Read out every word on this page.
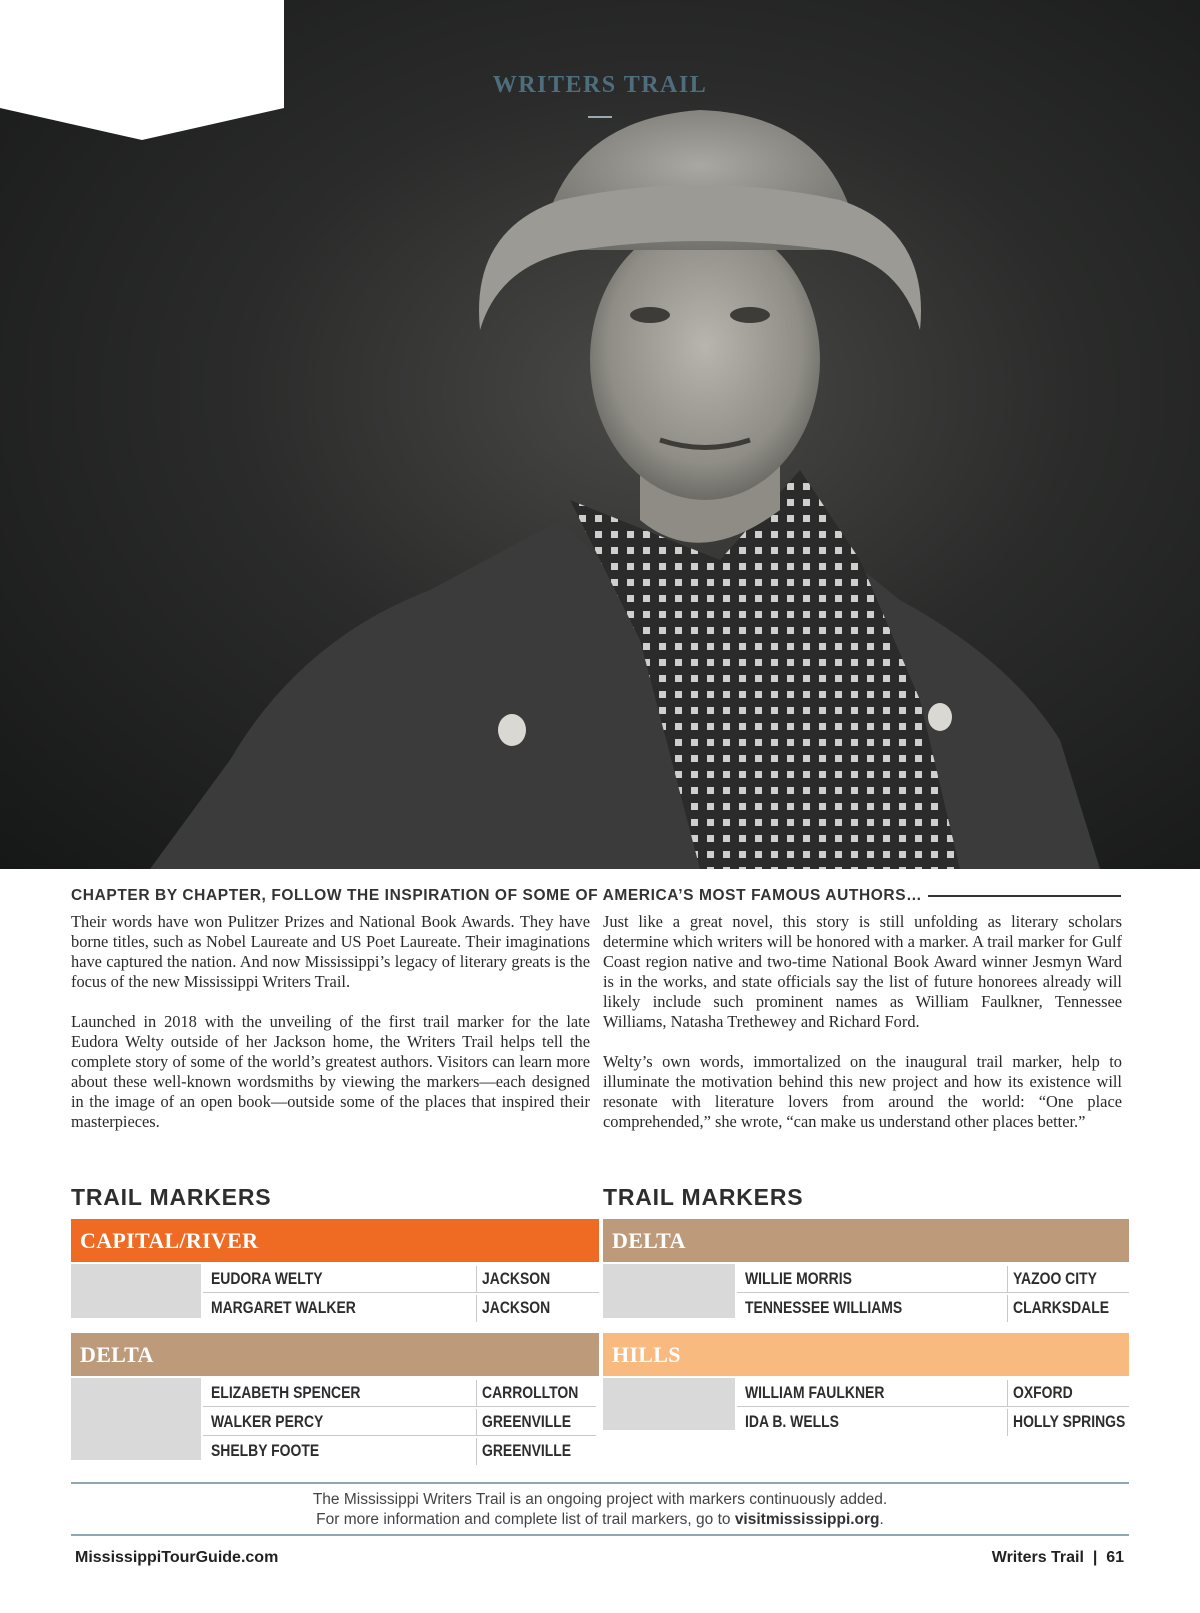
WRITERS TRAIL
CHAPTER BY CHAPTER, FOLLOW THE INSPIRATION OF SOME OF AMERICA’S MOST FAMOUS AUTHORS…

Their words have won Pulitzer Prizes and National Book Awards. They have borne titles, such as Nobel Laureate and US Poet Laureate. Their imaginations have captured the nation. And now Mississippi’s legacy of literary greats is the focus of the new Mississippi Writers Trail.

Launched in 2018 with the unveiling of the first trail marker for the late Eudora Welty outside of her Jackson home, the Writers Trail helps tell the complete story of some of the world’s greatest authors. Visitors can learn more about these well-known wordsmiths by viewing the markers—each designed in the image of an open book—outside some of the places that inspired their masterpieces.

Just like a great novel, this story is still unfolding as literary scholars determine which writers will be honored with a marker. A trail marker for Gulf Coast region native and two-time National Book Award winner Jesmyn Ward is in the works, and state officials say the list of future honorees already will likely include such prominent names as William Faulkner, Tennessee Williams, Natasha Trethewey and Richard Ford.

Welty’s own words, immortalized on the inaugural trail marker, help to illuminate the motivation behind this new project and how its existence will resonate with literature lovers from around the world: “One place comprehended,” she wrote, “can make us understand other places better.”

TRAIL MARKERS
CAPITAL/RIVER
EUDORA WELTY	JACKSON
MARGARET WALKER	JACKSON
DELTA
ELIZABETH SPENCER	CARROLLTON
WALKER PERCY	GREENVILLE
SHELBY FOOTE	GREENVILLE
TRAIL MARKERS
DELTA
WILLIE MORRIS	YAZOO CITY
TENNESSEE WILLIAMS	CLARKSDALE
HILLS
WILLIAM FAULKNER	OXFORD
IDA B. WELLS	HOLLY SPRINGS
The Mississippi Writers Trail is an ongoing project with markers continuously added.
For more information and complete list of trail markers, go to visitmississippi.org.
MississippiTourGuide.com	Writers Trail | 61
